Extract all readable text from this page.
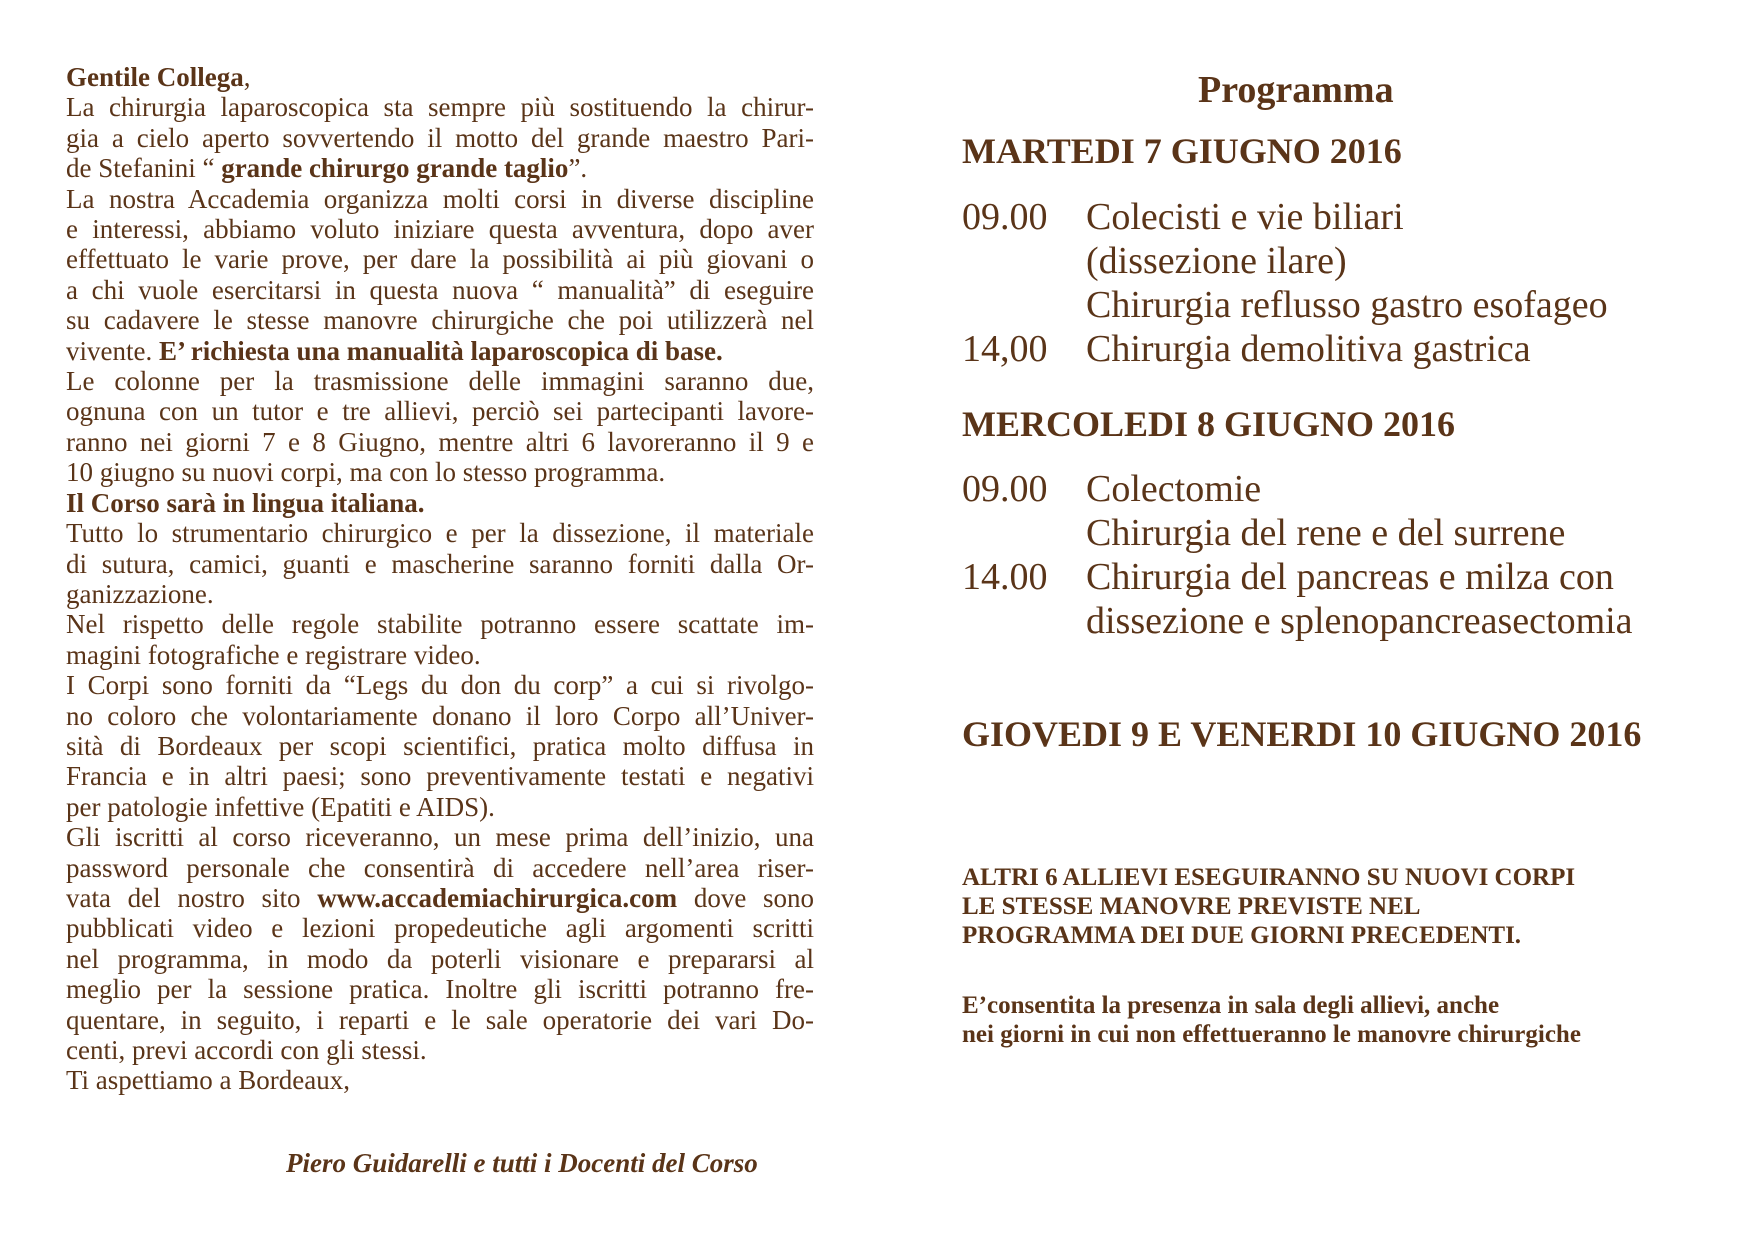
Gentile Collega,
La chirurgia laparoscopica sta sempre più sostituendo la chirur-
gia a cielo aperto sovvertendo il motto del grande maestro Pari-
de Stefanini “ grande chirurgo grande taglio”.
La nostra Accademia organizza molti corsi in diverse discipline
e interessi, abbiamo voluto iniziare questa avventura, dopo aver
effettuato le varie prove, per dare la possibilità ai più giovani o
a chi vuole esercitarsi in questa nuova “ manualità” di eseguire
su cadavere le stesse manovre chirurgiche che poi utilizzerà nel
vivente. E’ richiesta una manualità laparoscopica di base.
Le colonne per la trasmissione delle immagini saranno due,
ognuna con un tutor e tre allievi, perciò sei partecipanti lavore-
ranno nei giorni 7 e 8 Giugno, mentre altri 6 lavoreranno il 9 e
10 giugno su nuovi corpi, ma con lo stesso programma.
Il Corso sarà in lingua italiana.
Tutto lo strumentario chirurgico e per la dissezione, il materiale
di sutura, camici, guanti e mascherine saranno forniti dalla Or-
ganizzazione.
Nel rispetto delle regole stabilite potranno essere scattate im-
magini fotografiche e registrare video.
I Corpi sono forniti da “Legs du don du corp” a cui si rivolgo-
no coloro che volontariamente donano il loro Corpo all’Univer-
sità di Bordeaux per scopi scientifici, pratica molto diffusa in
Francia e in altri paesi; sono preventivamente testati e negativi
per patologie infettive (Epatiti e AIDS).
Gli iscritti al corso riceveranno, un mese prima dell’inizio, una
password personale che consentirà di accedere nell’area riser-
vata del nostro sito www.accademiachirurgica.com dove sono
pubblicati video e lezioni propedeutiche agli argomenti scritti
nel programma, in modo da poterli visionare e prepararsi al
meglio per la sessione pratica. Inoltre gli iscritti potranno fre-
quentare, in seguito, i reparti e le sale operatorie dei vari Do-
centi, previ accordi con gli stessi.
Ti aspettiamo a Bordeaux,
Piero Guidarelli e tutti i Docenti del Corso
Programma
MARTEDI 7 GIUGNO 2016
09.00	Colecisti e vie biliari
(dissezione ilare)
Chirurgia reflusso gastro esofageo
14,00	Chirurgia demolitiva gastrica
MERCOLEDI 8 GIUGNO 2016
09.00	Colectomie
Chirurgia del rene e del surrene
14.00	Chirurgia del pancreas e milza con
dissezione e splenopancreasectomia
GIOVEDI 9 E VENERDI 10 GIUGNO 2016
ALTRI 6 ALLIEVI ESEGUIRANNO SU NUOVI CORPI
LE STESSE MANOVRE PREVISTE NEL
PROGRAMMA DEI DUE GIORNI PRECEDENTI.
E’consentita la presenza in sala degli allievi, anche
nei giorni in cui non effettueranno le manovre chirurgiche
